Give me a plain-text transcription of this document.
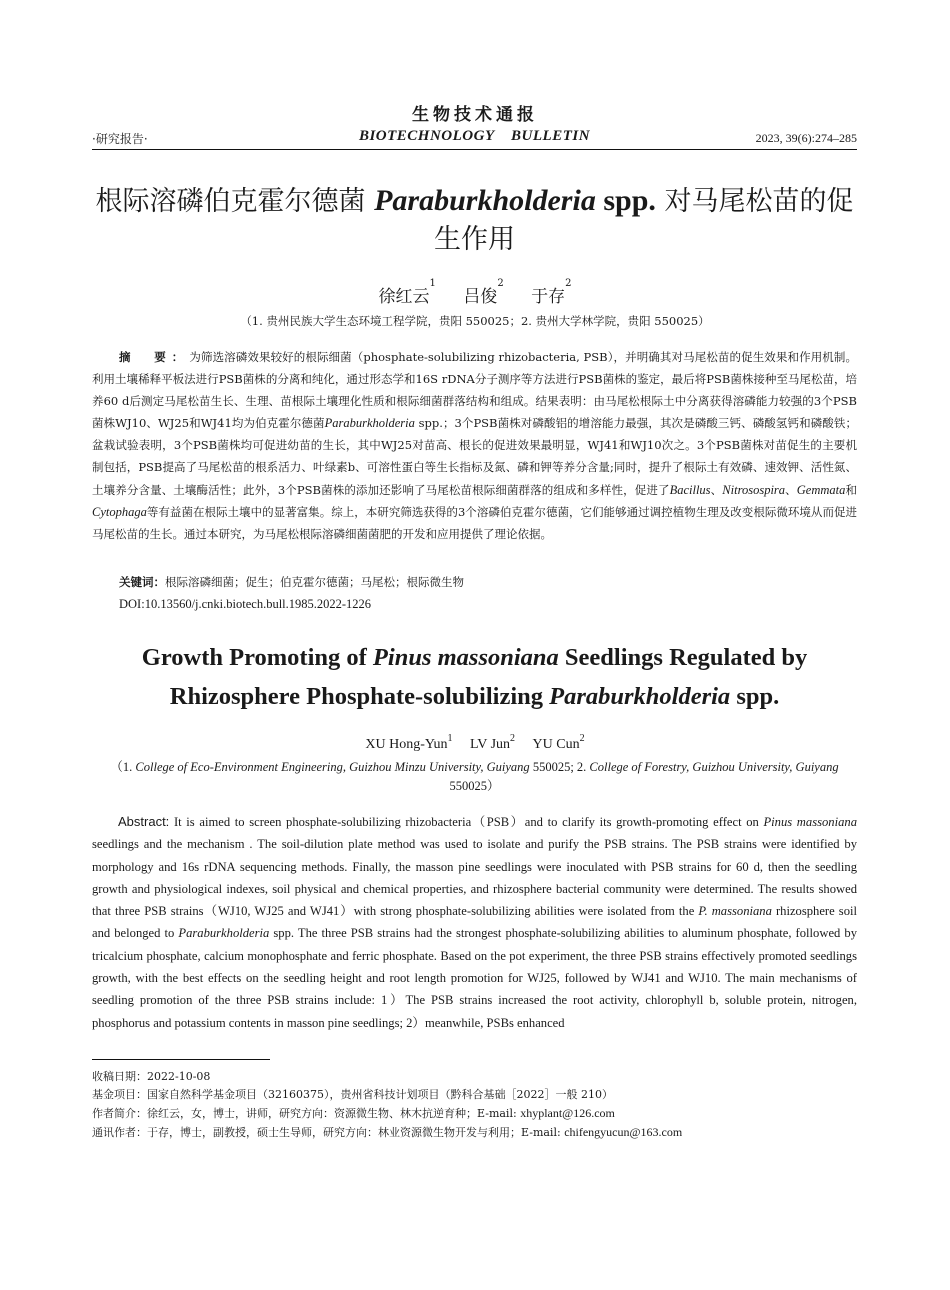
生物技术通报
·研究报告·	BIOTECHNOLOGY    BULLETIN	2023, 39(6):274–285
根际溶磷伯克霍尔德菌 Paraburkholderia spp. 对马尾松苗的促生作用
徐红云$^1$ 吕俊$^2$ 于存$^2$
（1. 贵州民族大学生态环境工程学院，贵阳 550025；2. 贵州大学林学院，贵阳 550025）
摘　要：为筛选溶磷效果较好的根际细菌（phosphate-solubilizing rhizobacteria, PSB），并明确其对马尾松苗的促生效果和作用机制。利用土壤稀释平板法进行PSB菌株的分离和纯化，通过形态学和16S rDNA分子测序等方法进行PSB菌株的鉴定，最后将PSB菌株接种至马尾松苗，培养60 d后测定马尾松苗生长、生理、苗根际土壤理化性质和根际细菌群落结构和组成。结果表明：由马尾松根际土中分离获得溶磷能力较强的3个PSB菌株WJ10、WJ25和WJ41均为伯克霍尔德菌Paraburkholderia spp.；3个PSB菌株对磷酸铝的增溶能力最强，其次是磷酸三钙、磷酸氢钙和磷酸铁；盆栽试验表明，3个PSB菌株均可促进幼苗的生长，其中WJ25对苗高、根长的促进效果最明显，WJ41和WJ10次之。3个PSB菌株对苗促生的主要机制包括，PSB提高了马尾松苗的根系活力、叶绿素b、可溶性蛋白等生长指标及氮、磷和钾等养分含量;同时，提升了根际土有效磷、速效钾、活性氮、土壤养分含量、土壤酶活性；此外，3个PSB菌株的添加还影响了马尾松苗根际细菌群落的组成和多样性，促进了Bacillus、Nitrosospira、Gemmata和Cytophaga等有益菌在根际土壤中的显著富集。综上，本研究筛选获得的3个溶磷伯克霍尔德菌，它们能够通过调控植物生理及改变根际微环境从而促进马尾松苗的生长。通过本研究，为马尾松根际溶磷细菌菌肥的开发和应用提供了理论依据。
关键词：根际溶磷细菌；促生；伯克霍尔德菌；马尾松；根际微生物
DOI:10.13560/j.cnki.biotech.bull.1985.2022-1226
Growth Promoting of Pinus massoniana Seedlings Regulated by Rhizosphere Phosphate-solubilizing Paraburkholderia spp.
XU Hong-Yun$^1$ LV Jun$^2$ YU Cun$^2$
（1. College of Eco-Environment Engineering, Guizhou Minzu University, Guiyang 550025; 2. College of Forestry, Guizhou University, Guiyang 550025）
Abstract: It is aimed to screen phosphate-solubilizing rhizobacteria（PSB）and to clarify its growth-promoting effect on Pinus massoniana seedlings and the mechanism . The soil-dilution plate method was used to isolate and purify the PSB strains. The PSB strains were identified by morphology and 16s rDNA sequencing methods. Finally, the masson pine seedlings were inoculated with PSB strains for 60 d, then the seedling growth and physiological indexes, soil physical and chemical properties, and rhizosphere bacterial community were determined. The results showed that three PSB strains（WJ10, WJ25 and WJ41）with strong phosphate-solubilizing abilities were isolated from the P. massoniana rhizosphere soil and belonged to Paraburkholderia spp. The three PSB strains had the strongest phosphate-solubilizing abilities to aluminum phosphate, followed by tricalcium phosphate, calcium monophosphate and ferric phosphate. Based on the pot experiment, the three PSB strains effectively promoted seedlings growth, with the best effects on the seedling height and root length promotion for WJ25, followed by WJ41 and WJ10. The main mechanisms of seedling promotion of the three PSB strains include: 1）The PSB strains increased the root activity, chlorophyll b, soluble protein, nitrogen, phosphorus and potassium contents in masson pine seedlings; 2）meanwhile, PSBs enhanced
收稿日期：2022-10-08
基金项目：国家自然科学基金项目（32160375），贵州省科技计划项目（黔科合基础［2022］一般 210）
作者简介：徐红云，女，博士，讲师，研究方向：资源微生物、林木抗逆育种；E-mail: xhyplant@126.com
通讯作者：于存，博士，副教授，硕士生导师，研究方向：林业资源微生物开发与利用；E-mail: chifengyucun@163.com
